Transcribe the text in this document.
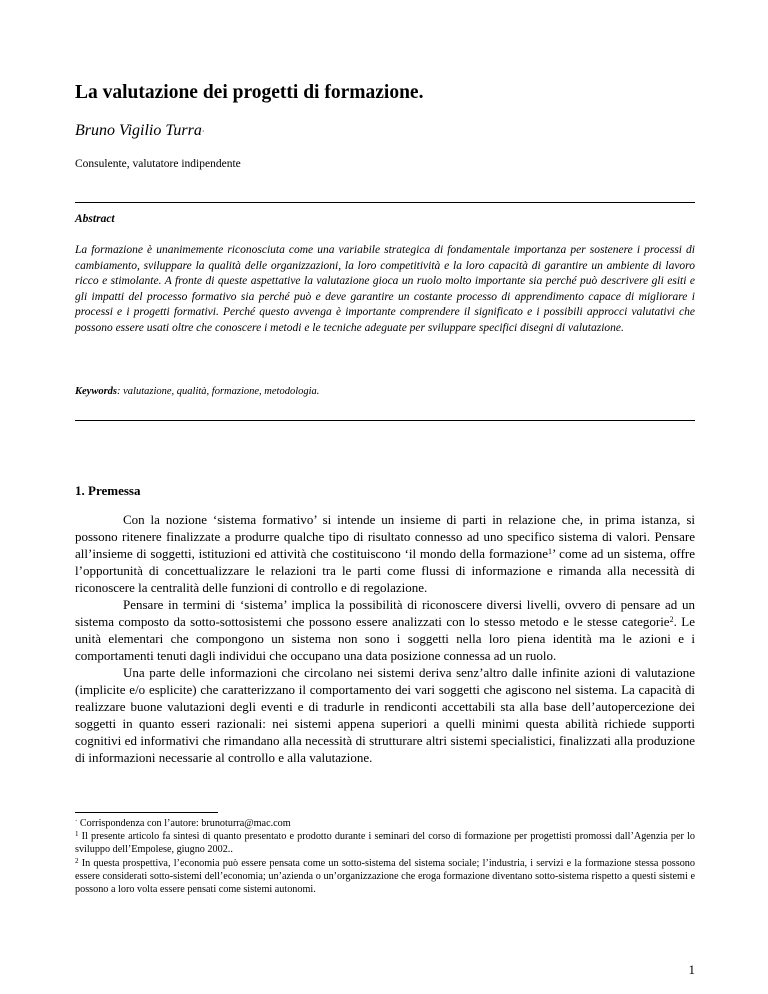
La valutazione dei progetti di formazione.

Bruno Vigilio Turra·

Consulente, valutatore indipendente

Abstract

La formazione è unanimemente riconosciuta come una variabile strategica di fondamentale importanza per sostenere i processi di cambiamento, sviluppare la qualità delle organizzazioni, la loro competitività e la loro capacità di garantire un ambiente di lavoro ricco e stimolante. A fronte di queste aspettative la valutazione gioca un ruolo molto importante sia perché può descrivere gli esiti e gli impatti del processo formativo sia perché può e deve garantire un costante processo di apprendimento capace di migliorare i processi e i progetti formativi. Perché questo avvenga è importante comprendere il significato e i possibili approcci valutativi che possono essere usati oltre che conoscere i metodi e le tecniche adeguate per sviluppare specifici disegni di valutazione.

Keywords: valutazione, qualità, formazione, metodologia.

1. Premessa

Con la nozione ‘sistema formativo’ si intende un insieme di parti in relazione che, in prima istanza, si possono ritenere finalizzate a produrre qualche tipo di risultato connesso ad uno specifico sistema di valori. Pensare all’insieme di soggetti, istituzioni ed attività che costituiscono ‘il mondo della formazione$^1$’ come ad un sistema, offre l’opportunità di concettualizzare le relazioni tra le parti come flussi di informazione e rimanda alla necessità di riconoscere la centralità delle funzioni di controllo e di regolazione.

Pensare in termini di ‘sistema’ implica la possibilità di riconoscere diversi livelli, ovvero di pensare ad un sistema composto da sotto-sottosistemi che possono essere analizzati con lo stesso metodo e le stesse categorie$^2$. Le unità elementari che compongono un sistema non sono i soggetti nella loro piena identità ma le azioni e i comportamenti tenuti dagli individui che occupano una data posizione connessa ad un ruolo.

Una parte delle informazioni che circolano nei sistemi deriva senz’altro dalle infinite azioni di valutazione (implicite e/o esplicite) che caratterizzano il comportamento dei vari soggetti che agiscono nel sistema. La capacità di realizzare buone valutazioni degli eventi e di tradurle in rendiconti accettabili sta alla base dell’autopercezione dei soggetti in quanto esseri razionali: nei sistemi appena superiori a quelli minimi questa abilità richiede supporti cognitivi ed informativi che rimandano alla necessità di strutturare altri sistemi specialistici, finalizzati alla produzione di informazioni necessarie al controllo e alla valutazione.

· Corrispondenza con l’autore: brunoturra@mac.com

$^1$ Il presente articolo fa sintesi di quanto presentato e prodotto durante i seminari del corso di formazione per progettisti promossi dall’Agenzia per lo sviluppo dell’Empolese, giugno 2002..

$^2$ In questa prospettiva, l’economia può essere pensata come un sotto-sistema del sistema sociale; l’industria, i servizi e la formazione stessa possono essere considerati sotto-sistemi dell’economia; un’azienda o un’organizzazione che eroga formazione diventano sotto-sistema rispetto a questi sistemi e possono a loro volta essere pensati come sistemi autonomi.

1
